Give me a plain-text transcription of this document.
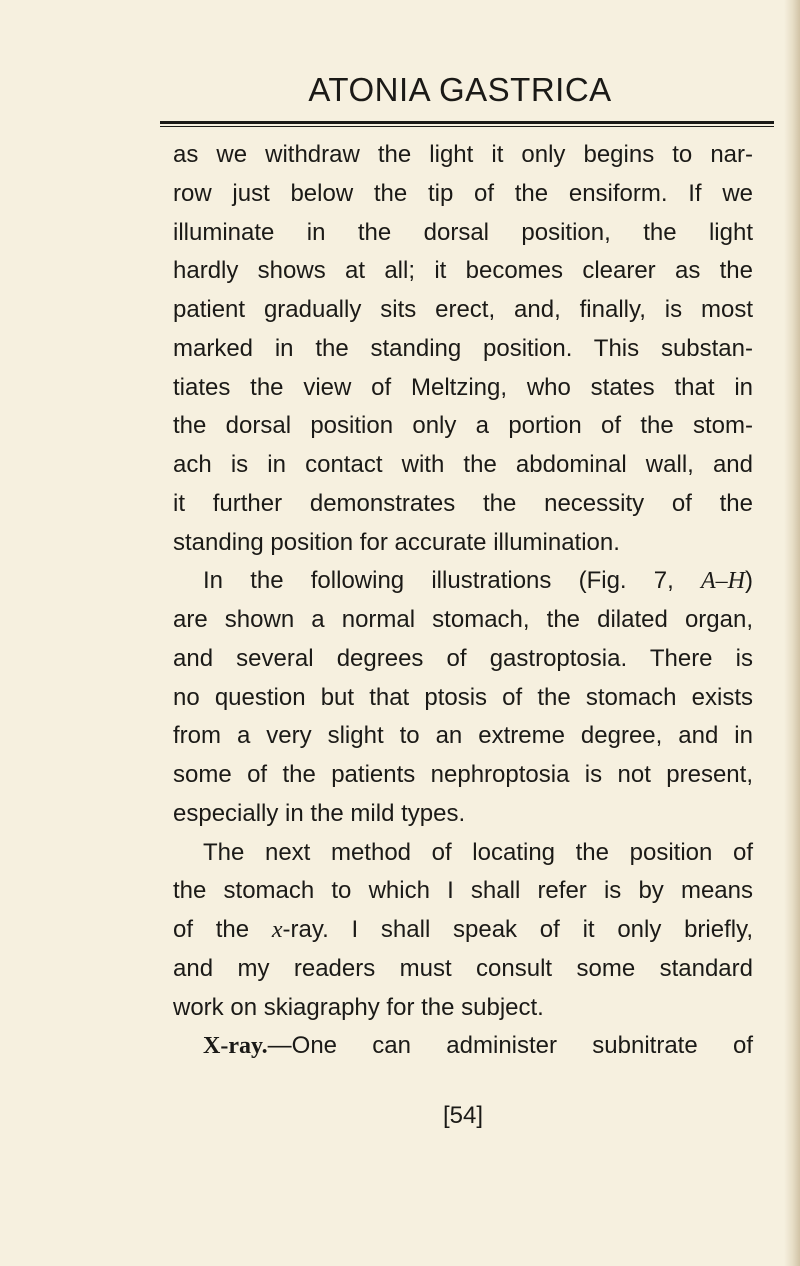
ATONIA GASTRICA
as we withdraw the light it only begins to nar-
row just below the tip of the ensiform. If we
illuminate in the dorsal position, the light
hardly shows at all; it becomes clearer as the
patient gradually sits erect, and, finally, is most
marked in the standing position. This substan-
tiates the view of Meltzing, who states that in
the dorsal position only a portion of the stom-
ach is in contact with the abdominal wall, and
it further demonstrates the necessity of the
standing position for accurate illumination.
In the following illustrations (Fig. 7, A–H)
are shown a normal stomach, the dilated organ,
and several degrees of gastroptosia. There is
no question but that ptosis of the stomach exists
from a very slight to an extreme degree, and in
some of the patients nephroptosia is not present,
especially in the mild types.
The next method of locating the position of
the stomach to which I shall refer is by means
of the x-ray. I shall speak of it only briefly,
and my readers must consult some standard
work on skiagraphy for the subject.
X-ray.—One can administer subnitrate of
[54]
